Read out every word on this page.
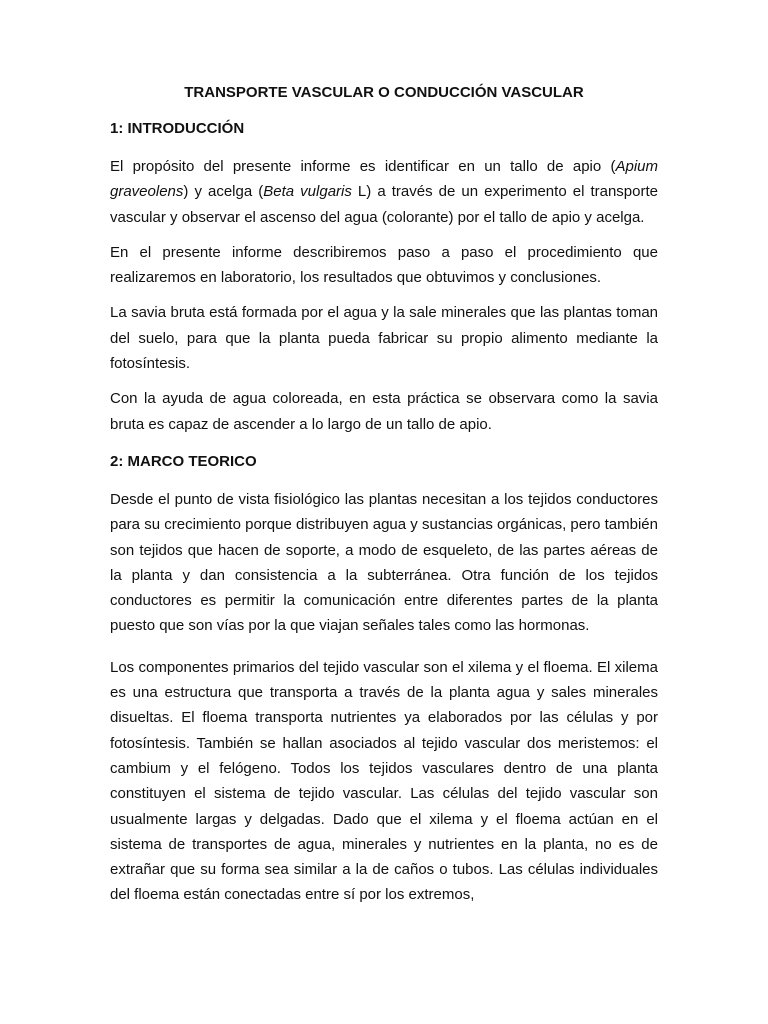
TRANSPORTE VASCULAR O CONDUCCIÓN VASCULAR
1: INTRODUCCIÓN

El propósito del presente informe es identificar en un tallo de apio (Apium graveolens) y acelga (Beta vulgaris L) a través de un experimento el transporte vascular y observar el ascenso del agua (colorante) por el tallo de apio y acelga.

En el presente informe describiremos paso a paso el procedimiento que realizaremos en laboratorio, los resultados que obtuvimos y conclusiones.

La savia bruta está formada por el agua y la sale minerales que las plantas toman del suelo, para que la planta pueda fabricar su propio alimento mediante la fotosíntesis.

Con la ayuda de agua coloreada, en esta práctica se observara como la savia bruta es capaz de ascender a lo largo de un tallo de apio.

2: MARCO TEORICO

Desde el punto de vista fisiológico las plantas necesitan a los tejidos conductores para su crecimiento porque distribuyen agua y sustancias orgánicas, pero también son tejidos que hacen de soporte, a modo de esqueleto, de las partes aéreas de la planta y dan consistencia a la subterránea. Otra función de los tejidos conductores es permitir la comunicación entre diferentes partes de la planta puesto que son vías por la que viajan señales tales como las hormonas.

Los componentes primarios del tejido vascular son el xilema y el floema. El xilema es una estructura que transporta a través de la planta agua y sales minerales disueltas. El floema transporta nutrientes ya elaborados por las células y por fotosíntesis. También se hallan asociados al tejido vascular dos meristemos: el cambium y el felógeno. Todos los tejidos vasculares dentro de una planta constituyen el sistema de tejido vascular. Las células del tejido vascular son usualmente largas y delgadas. Dado que el xilema y el floema actúan en el sistema de transportes de agua, minerales y nutrientes en la planta, no es de extrañar que su forma sea similar a la de caños o tubos. Las células individuales del floema están conectadas entre sí por los extremos,
